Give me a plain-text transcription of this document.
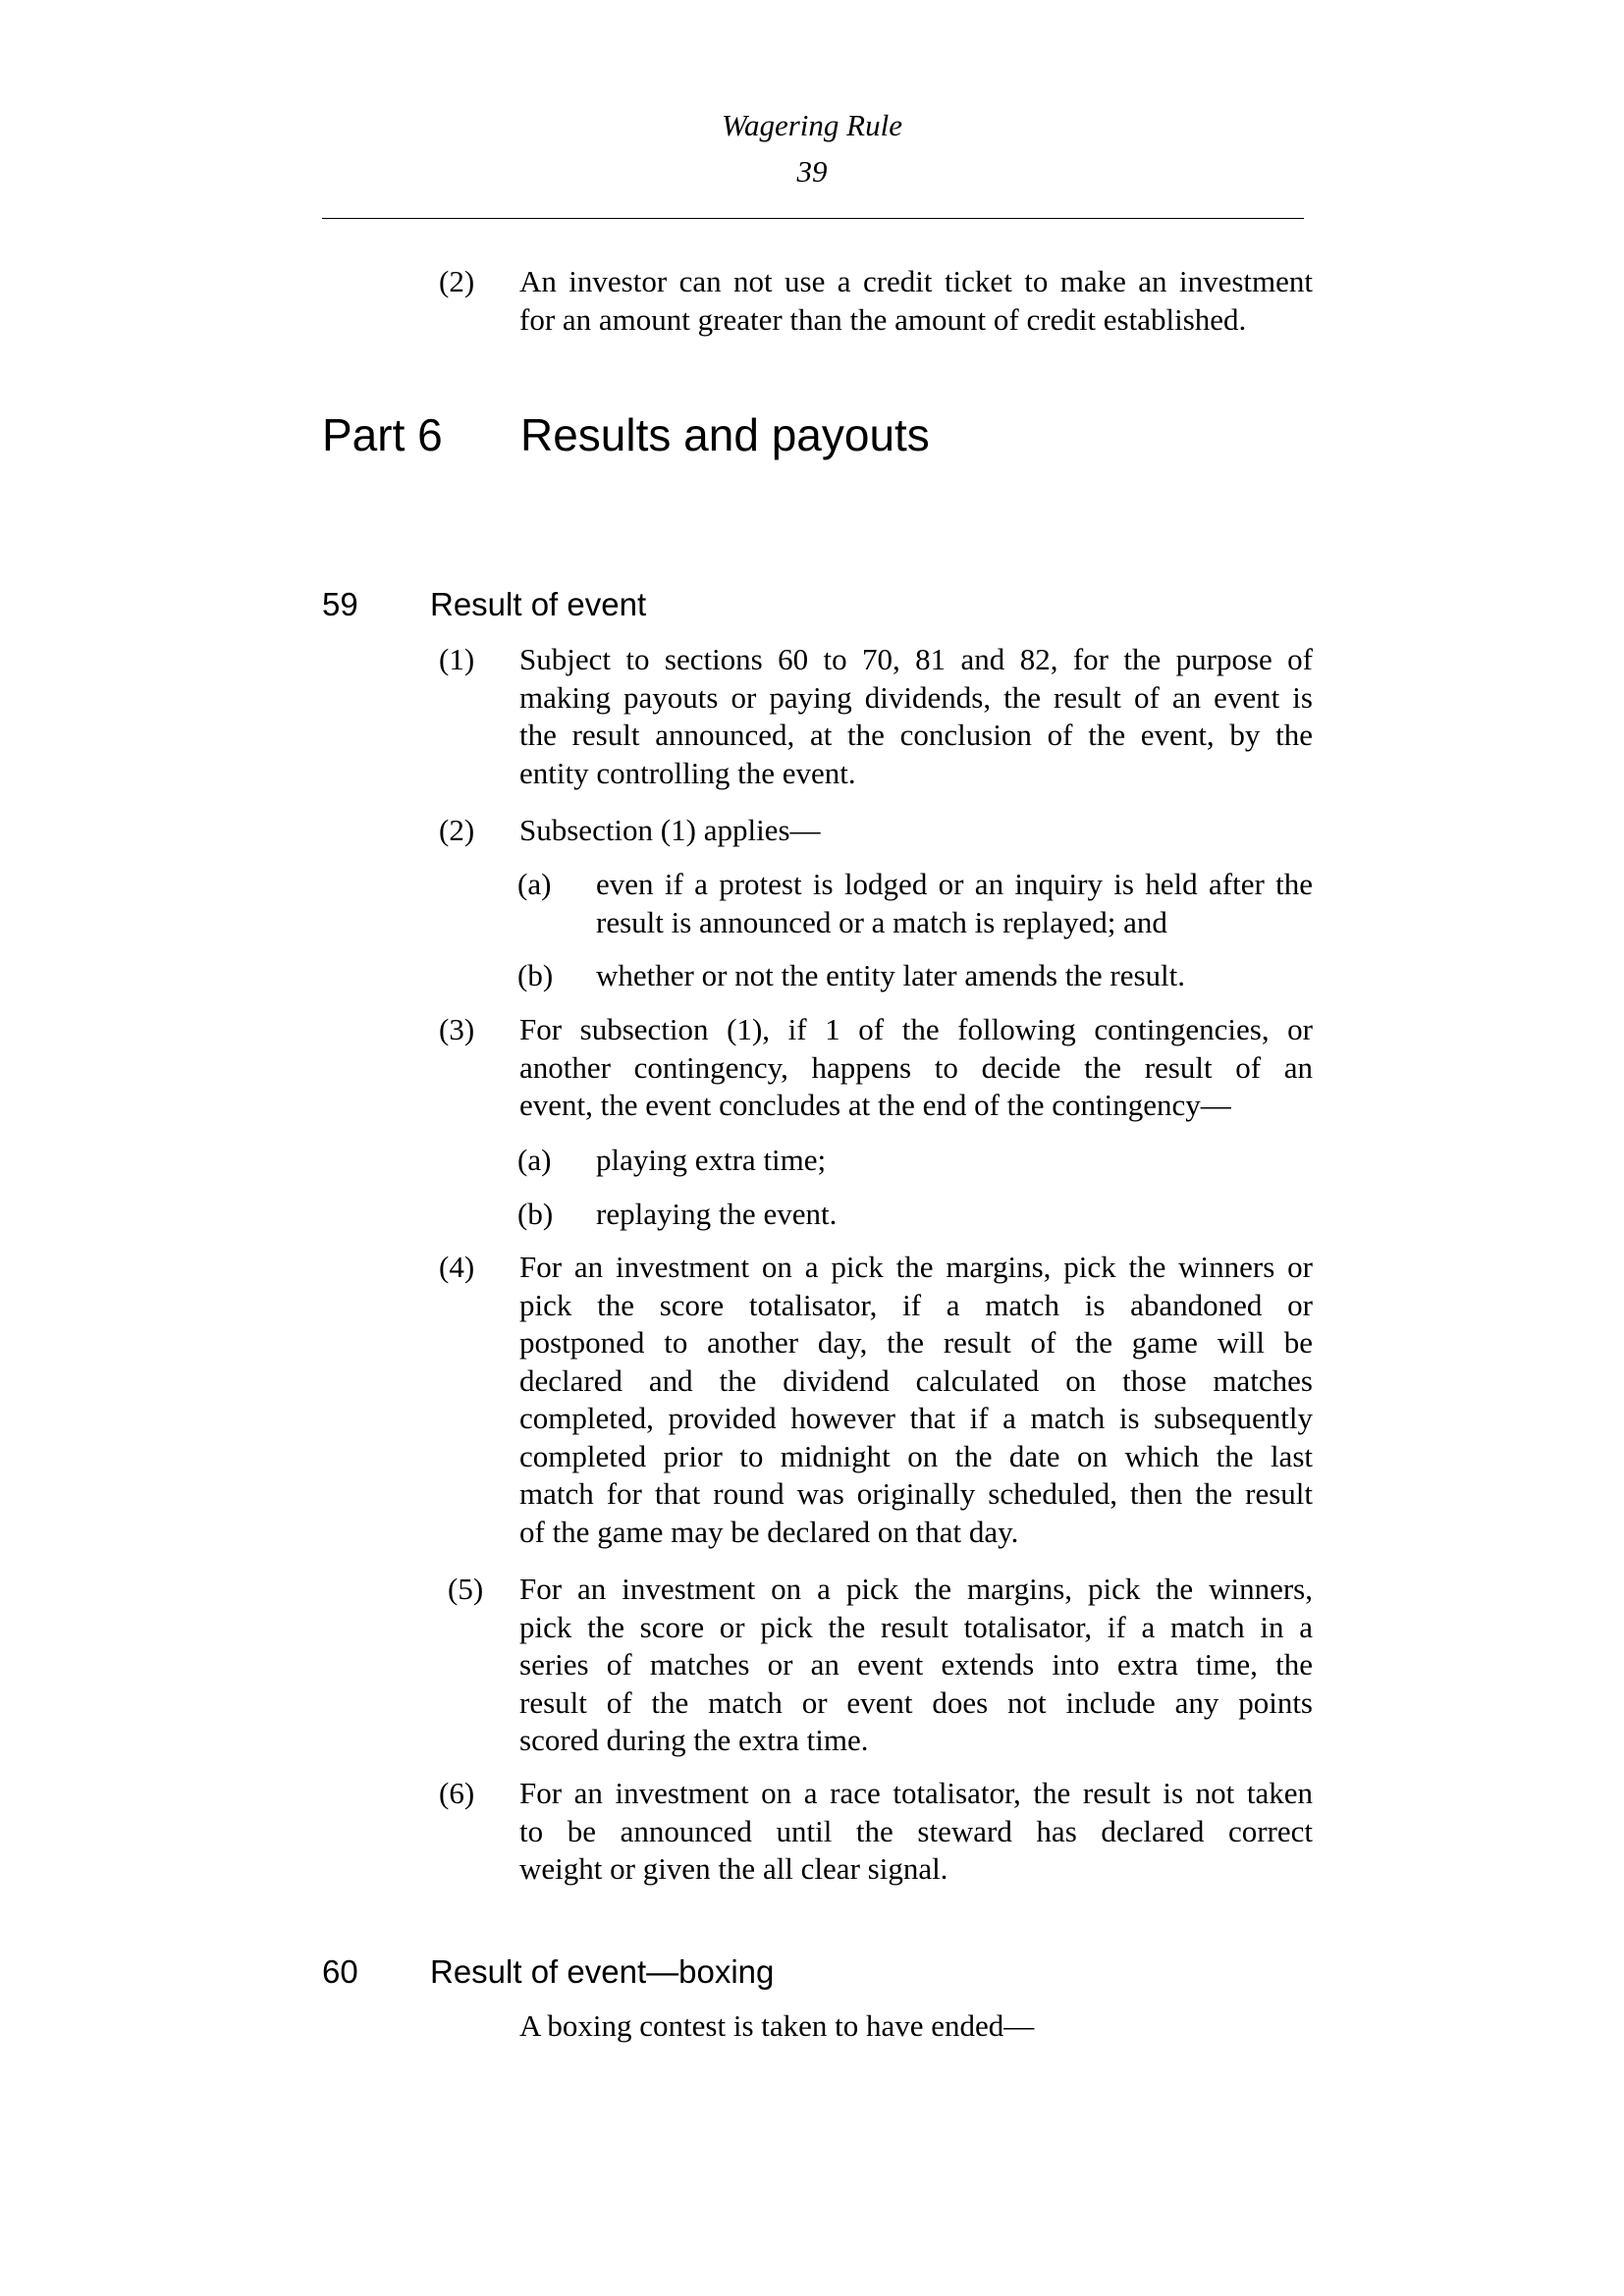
Wagering Rule
39
(2) An investor can not use a credit ticket to make an investment
for an amount greater than the amount of credit established.
Part 6 Results and payouts
59 Result of event
(1) Subject to sections 60 to 70, 81 and 82, for the purpose of
making payouts or paying dividends, the result of an event is
the result announced, at the conclusion of the event, by the
entity controlling the event.
(2) Subsection (1) applies—
(a) even if a protest is lodged or an inquiry is held after the
result is announced or a match is replayed; and
(b) whether or not the entity later amends the result.
(3) For subsection (1), if 1 of the following contingencies, or
another contingency, happens to decide the result of an
event, the event concludes at the end of the contingency—
(a) playing extra time;
(b) replaying the event.
(4) For an investment on a pick the margins, pick the winners or
pick the score totalisator, if a match is abandoned or
postponed to another day, the result of the game will be
declared and the dividend calculated on those matches
completed, provided however that if a match is subsequently
completed prior to midnight on the date on which the last
match for that round was originally scheduled, then the result
of the game may be declared on that day.
(5) For an investment on a pick the margins, pick the winners,
pick the score or pick the result totalisator, if a match in a
series of matches or an event extends into extra time, the
result of the match or event does not include any points
scored during the extra time.
(6) For an investment on a race totalisator, the result is not taken
to be announced until the steward has declared correct
weight or given the all clear signal.
60 Result of event—boxing
A boxing contest is taken to have ended—
